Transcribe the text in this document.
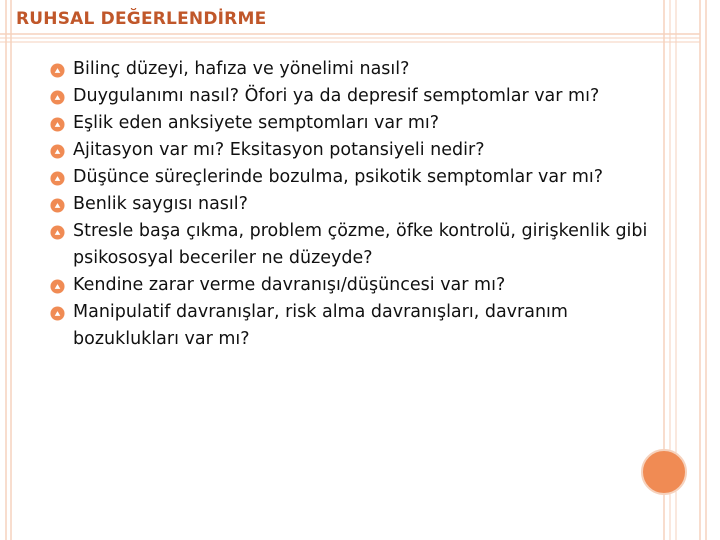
RUHSAL DEĞERLENDİRME
Bilinç düzeyi, hafıza ve yönelimi nasıl?
Duygulanımı nasıl? Öfori ya da depresif semptomlar var mı?
Eşlik eden anksiyete semptomları var mı?
Ajitasyon var mı? Eksitasyon potansiyeli nedir?
Düşünce süreçlerinde bozulma, psikotik semptomlar var mı?
Benlik saygısı nasıl?
Stresle başa çıkma, problem çözme, öfke kontrolü, girişkenlik gibi psikososyal beceriler ne düzeyde?
Kendine zarar verme davranışı/düşüncesi var mı?
Manipulatif davranışlar, risk alma davranışları, davranım bozuklukları var mı?
